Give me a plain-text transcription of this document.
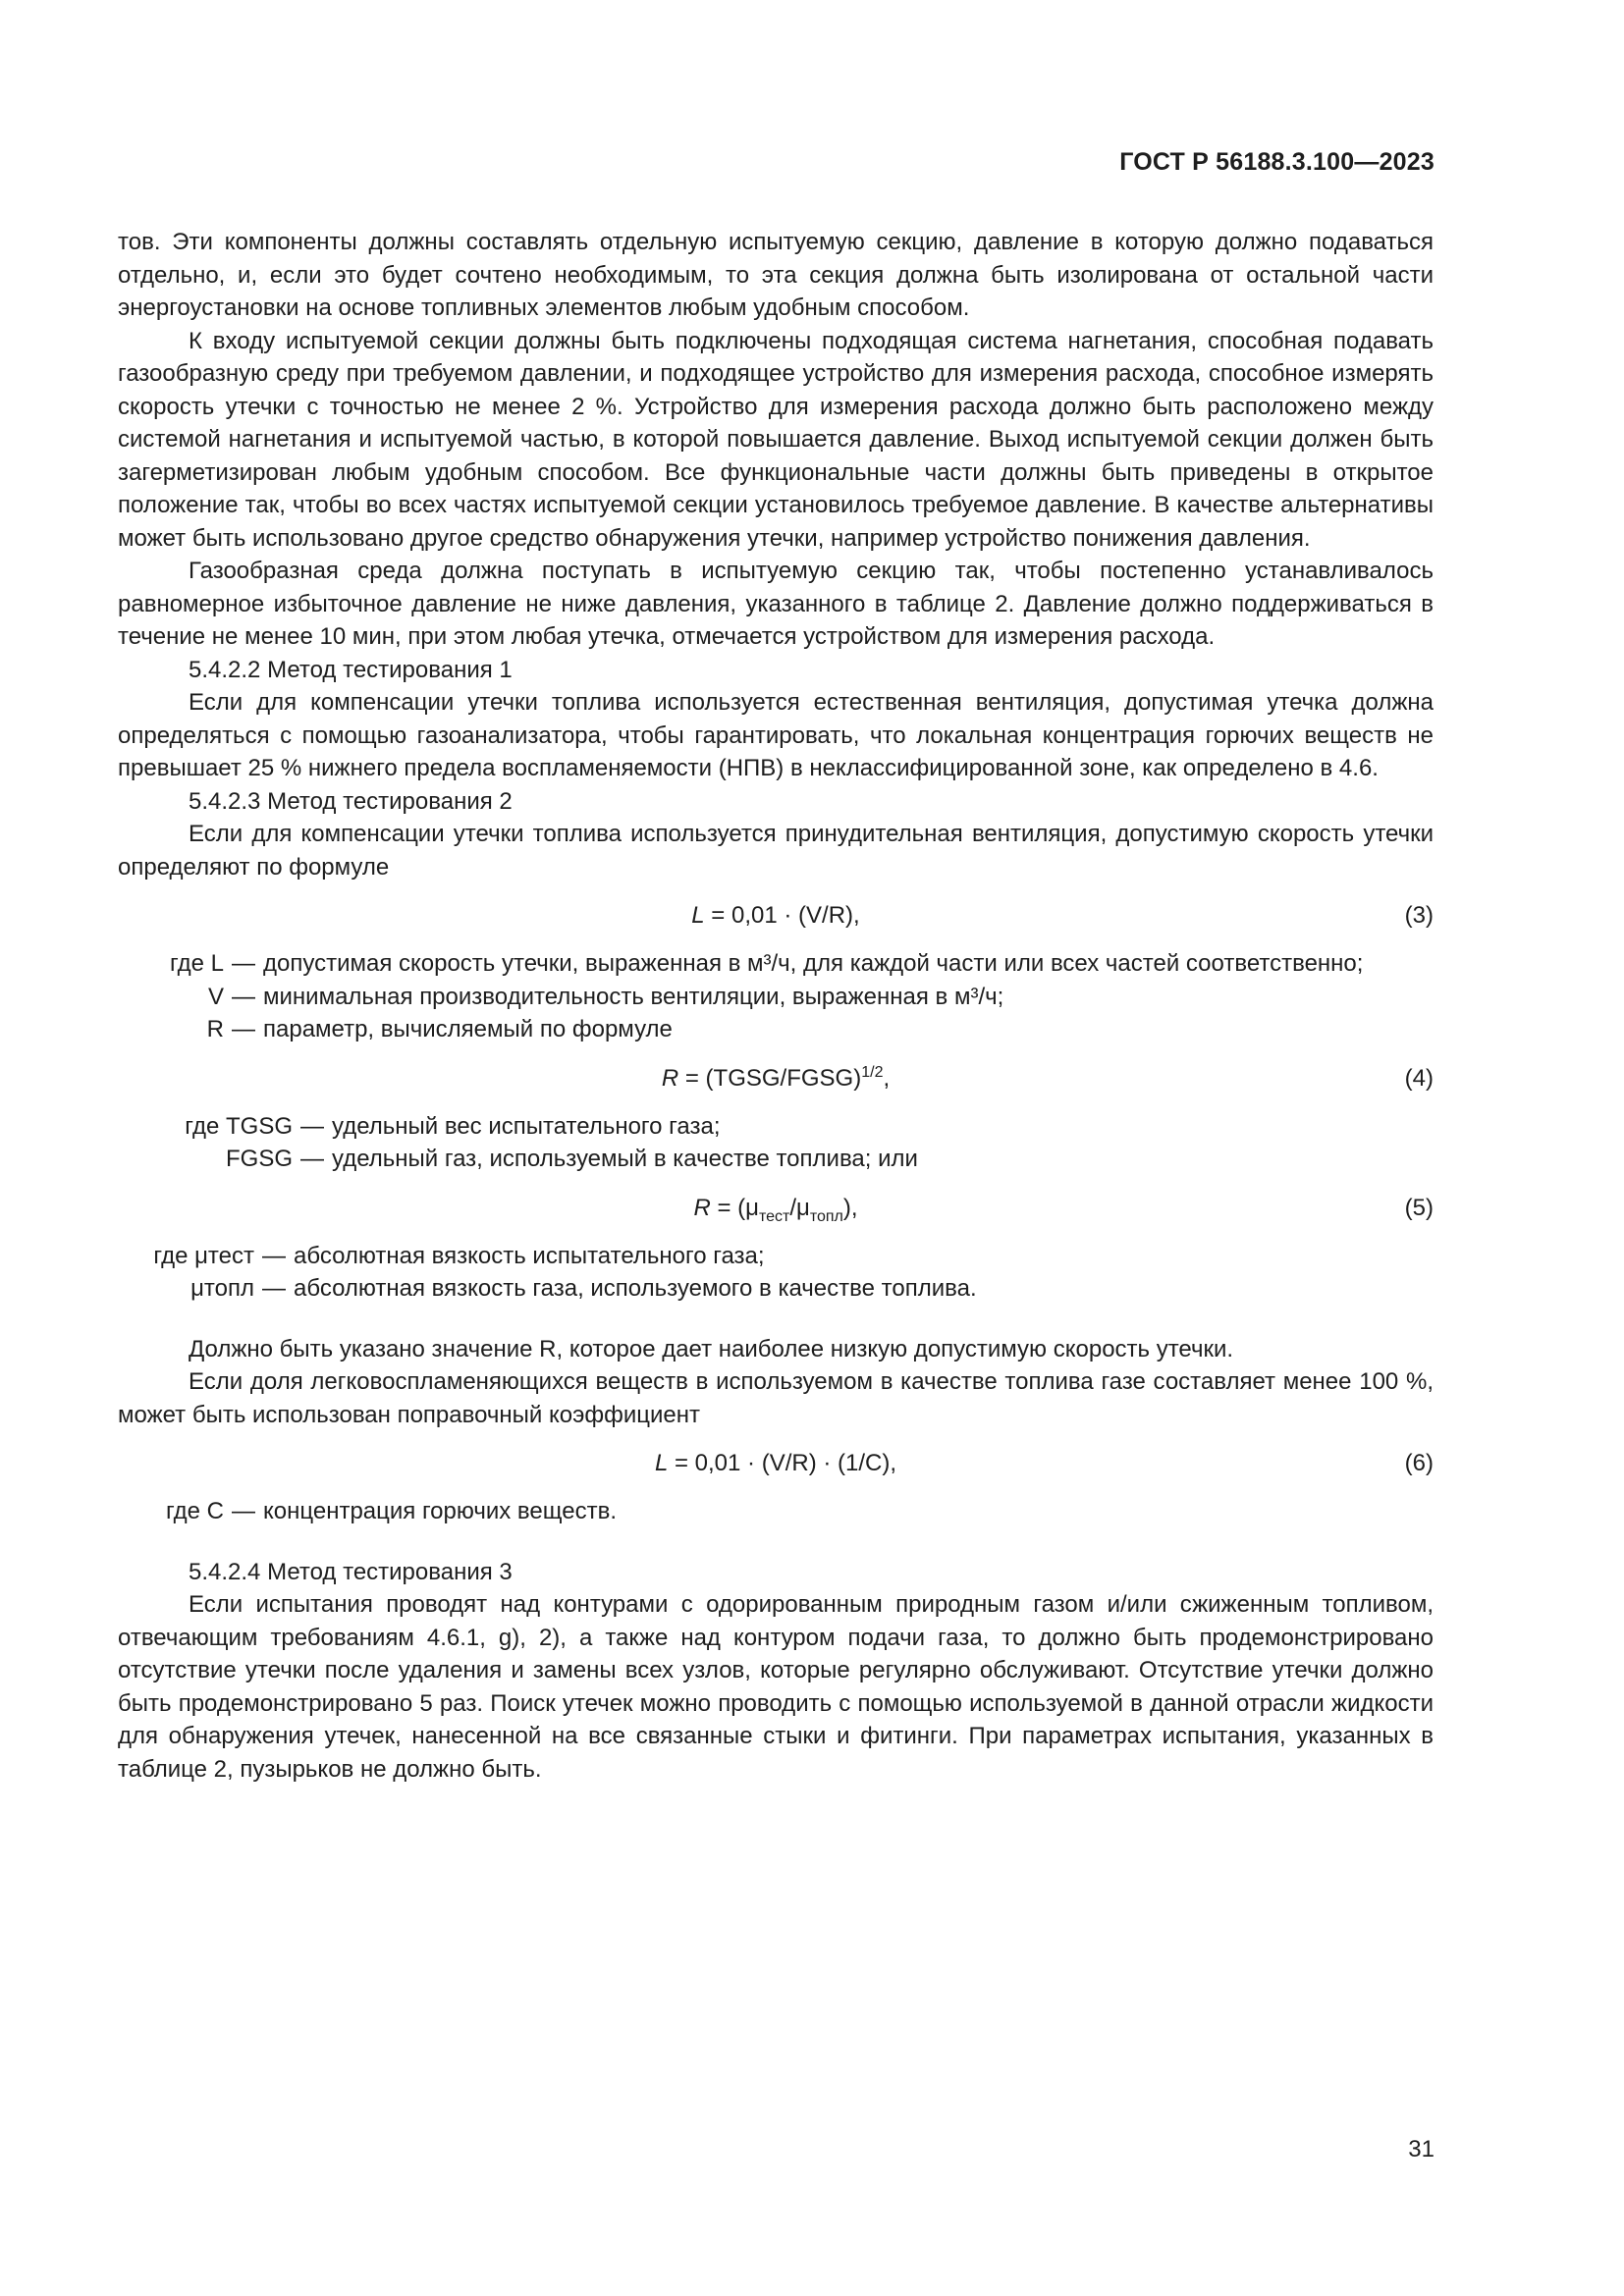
ГОСТ Р 56188.3.100—2023

тов. Эти компоненты должны составлять отдельную испытуемую секцию, давление в которую должно подаваться отдельно, и, если это будет сочтено необходимым, то эта секция должна быть изолирована от остальной части энергоустановки на основе топливных элементов любым удобным способом.

К входу испытуемой секции должны быть подключены подходящая система нагнетания, способная подавать газообразную среду при требуемом давлении, и подходящее устройство для измерения расхода, способное измерять скорость утечки с точностью не менее 2 %. Устройство для измерения расхода должно быть расположено между системой нагнетания и испытуемой частью, в которой повышается давление. Выход испытуемой секции должен быть загерметизирован любым удобным способом. Все функциональные части должны быть приведены в открытое положение так, чтобы во всех частях испытуемой секции установилось требуемое давление. В качестве альтернативы может быть использовано другое средство обнаружения утечки, например устройство понижения давления.

Газообразная среда должна поступать в испытуемую секцию так, чтобы постепенно устанавливалось равномерное избыточное давление не ниже давления, указанного в таблице 2. Давление должно поддерживаться в течение не менее 10 мин, при этом любая утечка, отмечается устройством для измерения расхода.

5.4.2.2 Метод тестирования 1

Если для компенсации утечки топлива используется естественная вентиляция, допустимая утечка должна определяться с помощью газоанализатора, чтобы гарантировать, что локальная концентрация горючих веществ не превышает 25 % нижнего предела воспламеняемости (НПВ) в неклассифицированной зоне, как определено в 4.6.

5.4.2.3 Метод тестирования 2

Если для компенсации утечки топлива используется принудительная вентиляция, допустимую скорость утечки определяют по формуле

L = 0,01 · (V/R),	(3)
где L — допустимая скорость утечки, выраженная в м³/ч, для каждой части или всех частей соответственно;
V — минимальная производительность вентиляции, выраженная в м³/ч;
R — параметр, вычисляемый по формуле
R = (TGSG/FGSG)$^{1/2}$,	(4)
где TGSG — удельный вес испытательного газа;
FGSG — удельный газ, используемый в качестве топлива; или
$R = (\mu_{тест}/\mu_{топл})$,	(5)
где μтест — абсолютная вязкость испытательного газа;
μтопл — абсолютная вязкость газа, используемого в качестве топлива.

Должно быть указано значение R, которое дает наиболее низкую допустимую скорость утечки.

Если доля легковоспламеняющихся веществ в используемом в качестве топлива газе составляет менее 100 %, может быть использован поправочный коэффициент

L = 0,01 · (V/R) · (1/C),	(6)
где C — концентрация горючих веществ.

5.4.2.4 Метод тестирования 3

Если испытания проводят над контурами с одорированным природным газом и/или сжиженным топливом, отвечающим требованиям 4.6.1, g), 2), а также над контуром подачи газа, то должно быть продемонстрировано отсутствие утечки после удаления и замены всех узлов, которые регулярно обслуживают. Отсутствие утечки должно быть продемонстрировано 5 раз. Поиск утечек можно проводить с помощью используемой в данной отрасли жидкости для обнаружения утечек, нанесенной на все связанные стыки и фитинги. При параметрах испытания, указанных в таблице 2, пузырьков не должно быть.

31
